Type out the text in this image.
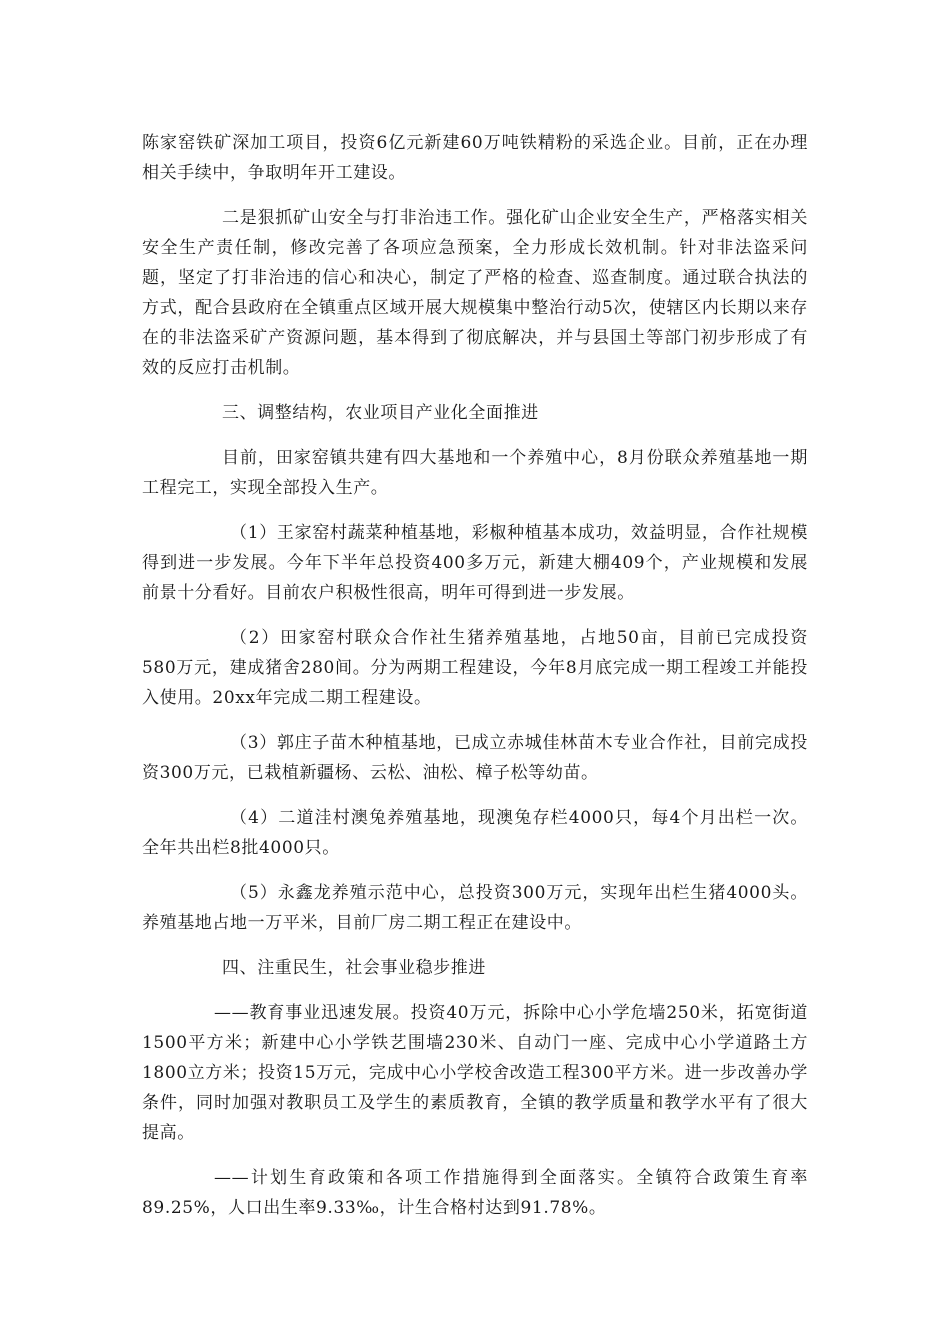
陈家窑铁矿深加工项目，投资6亿元新建60万吨铁精粉的采选企业。目前，正在办理相关手续中，争取明年开工建设。

二是狠抓矿山安全与打非治违工作。强化矿山企业安全生产，严格落实相关安全生产责任制，修改完善了各项应急预案，全力形成长效机制。针对非法盗采问题，坚定了打非治违的信心和决心，制定了严格的检查、巡查制度。通过联合执法的方式，配合县政府在全镇重点区域开展大规模集中整治行动5次，使辖区内长期以来存在的非法盗采矿产资源问题，基本得到了彻底解决，并与县国土等部门初步形成了有效的反应打击机制。

三、调整结构，农业项目产业化全面推进

目前，田家窑镇共建有四大基地和一个养殖中心，8月份联众养殖基地一期工程完工，实现全部投入生产。

（1）王家窑村蔬菜种植基地，彩椒种植基本成功，效益明显，合作社规模得到进一步发展。今年下半年总投资400多万元，新建大棚409个，产业规模和发展前景十分看好。目前农户积极性很高，明年可得到进一步发展。

（2）田家窑村联众合作社生猪养殖基地，占地50亩，目前已完成投资580万元，建成猪舍280间。分为两期工程建设，今年8月底完成一期工程竣工并能投入使用。20xx年完成二期工程建设。

（3）郭庄子苗木种植基地，已成立赤城佳林苗木专业合作社，目前完成投资300万元，已栽植新疆杨、云松、油松、樟子松等幼苗。

（4）二道洼村澳兔养殖基地，现澳兔存栏4000只，每4个月出栏一次。全年共出栏8批4000只。

（5）永鑫龙养殖示范中心，总投资300万元，实现年出栏生猪4000头。养殖基地占地一万平米，目前厂房二期工程正在建设中。

四、注重民生，社会事业稳步推进

——教育事业迅速发展。投资40万元，拆除中心小学危墙250米，拓宽街道1500平方米；新建中心小学铁艺围墙230米、自动门一座、完成中心小学道路土方1800立方米；投资15万元，完成中心小学校舍改造工程300平方米。进一步改善办学条件，同时加强对教职员工及学生的素质教育，全镇的教学质量和教学水平有了很大提高。

——计划生育政策和各项工作措施得到全面落实。全镇符合政策生育率89.25%，人口出生率9.33‰，计生合格村达到91.78%。
